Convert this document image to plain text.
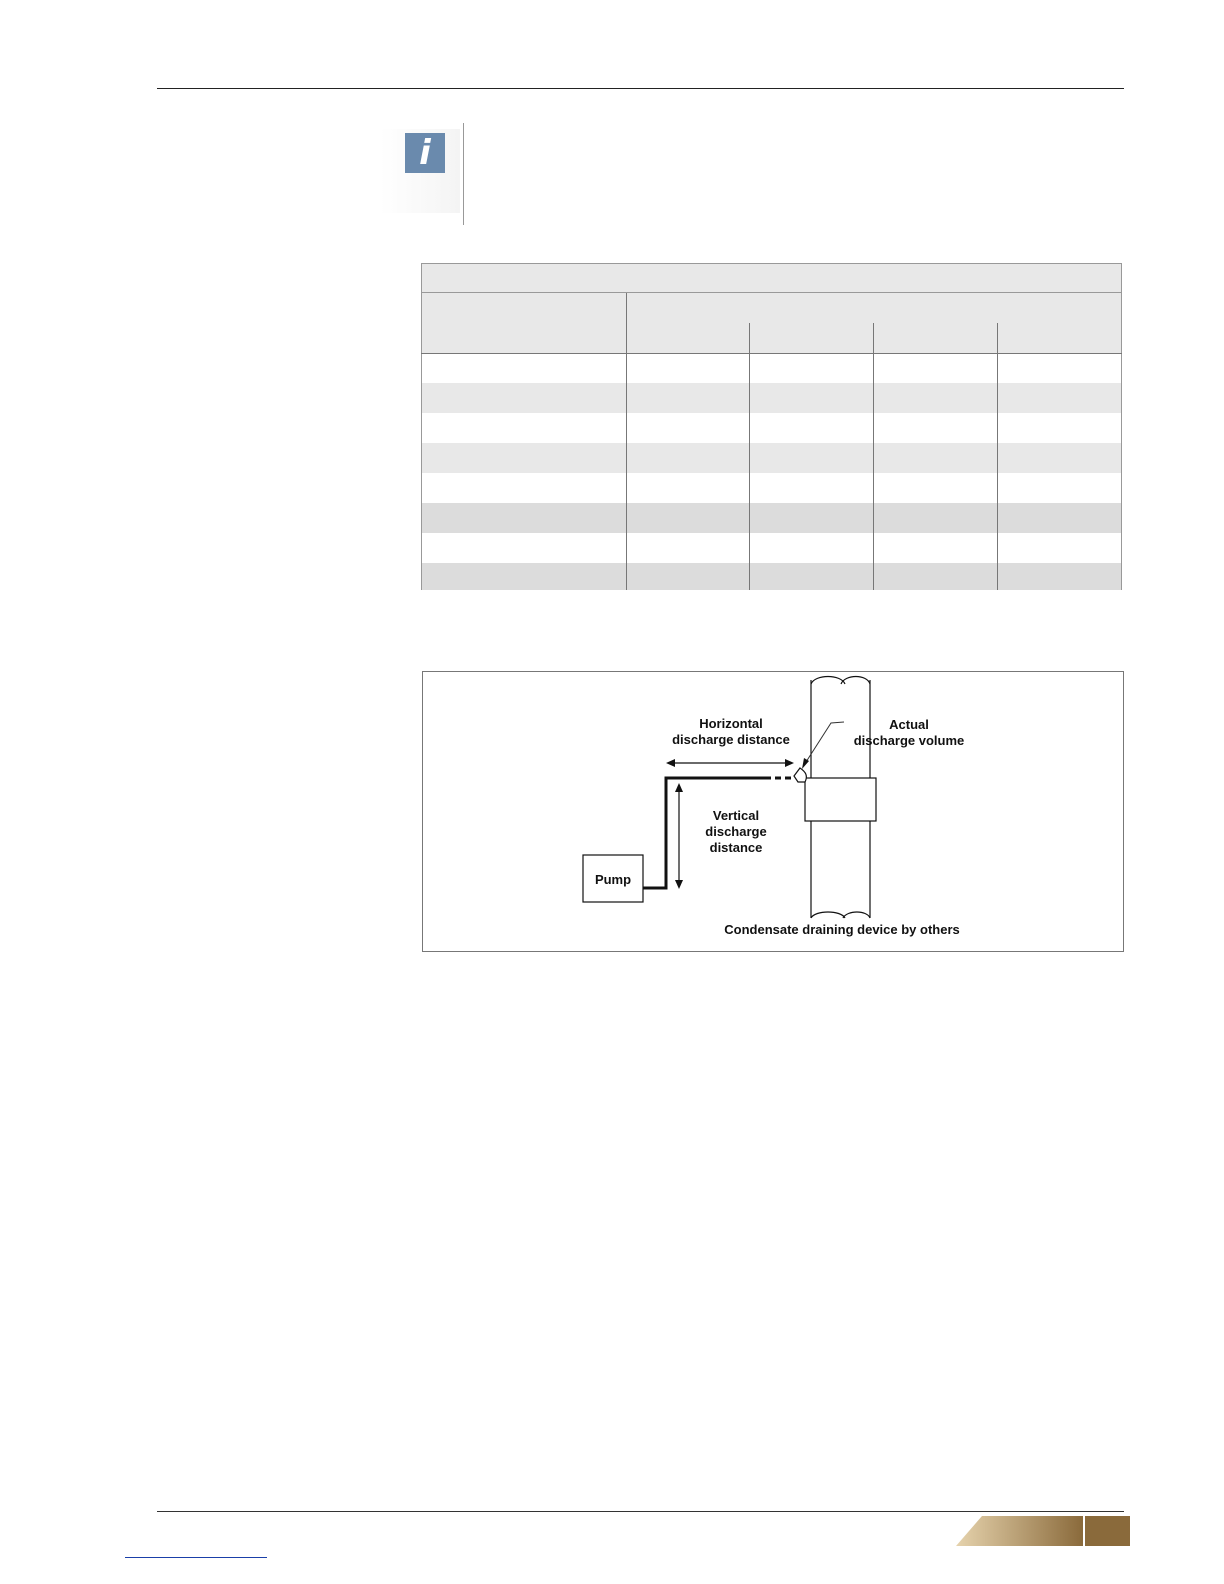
i
Horizontal
discharge distance
Actual
discharge volume
Vertical
discharge
distance
Pump
Condensate draining device by others
